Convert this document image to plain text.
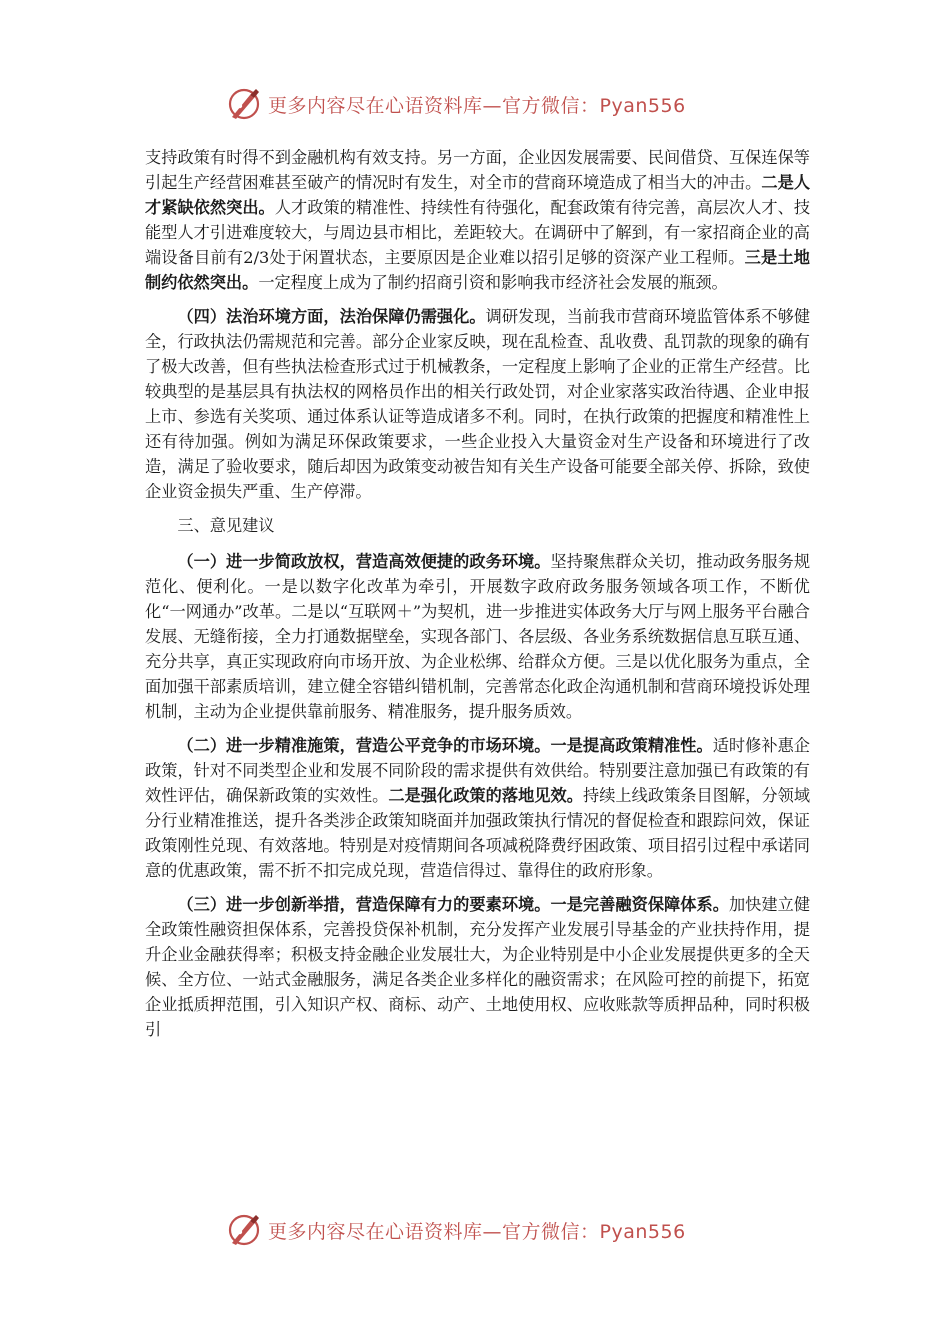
更多内容尽在心语资料库—官方微信：Pyan556

支持政策有时得不到金融机构有效支持。另一方面，企业因发展需要、民间借贷、互保连保等引起生产经营困难甚至破产的情况时有发生，对全市的营商环境造成了相当大的冲击。二是人才紧缺依然突出。人才政策的精准性、持续性有待强化，配套政策有待完善，高层次人才、技能型人才引进难度较大，与周边县市相比，差距较大。在调研中了解到，有一家招商企业的高端设备目前有2/3处于闲置状态，主要原因是企业难以招引足够的资深产业工程师。三是土地制约依然突出。一定程度上成为了制约招商引资和影响我市经济社会发展的瓶颈。

（四）法治环境方面，法治保障仍需强化。调研发现，当前我市营商环境监管体系不够健全，行政执法仍需规范和完善。部分企业家反映，现在乱检查、乱收费、乱罚款的现象的确有了极大改善，但有些执法检查形式过于机械教条，一定程度上影响了企业的正常生产经营。比较典型的是基层具有执法权的网格员作出的相关行政处罚，对企业家落实政治待遇、企业申报上市、参选有关奖项、通过体系认证等造成诸多不利。同时，在执行政策的把握度和精准性上还有待加强。例如为满足环保政策要求，一些企业投入大量资金对生产设备和环境进行了改造，满足了验收要求，随后却因为政策变动被告知有关生产设备可能要全部关停、拆除，致使企业资金损失严重、生产停滞。

三、意见建议

（一）进一步简政放权，营造高效便捷的政务环境。坚持聚焦群众关切，推动政务服务规范化、便利化。一是以数字化改革为牵引，开展数字政府政务服务领域各项工作，不断优化“一网通办”改革。二是以“互联网＋”为契机，进一步推进实体政务大厅与网上服务平台融合发展、无缝衔接，全力打通数据壁垒，实现各部门、各层级、各业务系统数据信息互联互通、充分共享，真正实现政府向市场开放、为企业松绑、给群众方便。三是以优化服务为重点，全面加强干部素质培训，建立健全容错纠错机制，完善常态化政企沟通机制和营商环境投诉处理机制，主动为企业提供靠前服务、精准服务，提升服务质效。

（二）进一步精准施策，营造公平竞争的市场环境。一是提高政策精准性。适时修补惠企政策，针对不同类型企业和发展不同阶段的需求提供有效供给。特别要注意加强已有政策的有效性评估，确保新政策的实效性。二是强化政策的落地见效。持续上线政策条目图解，分领域分行业精准推送，提升各类涉企政策知晓面并加强政策执行情况的督促检查和跟踪问效，保证政策刚性兑现、有效落地。特别是对疫情期间各项减税降费纾困政策、项目招引过程中承诺同意的优惠政策，需不折不扣完成兑现，营造信得过、靠得住的政府形象。

（三）进一步创新举措，营造保障有力的要素环境。一是完善融资保障体系。加快建立健全政策性融资担保体系，完善投贷保补机制，充分发挥产业发展引导基金的产业扶持作用，提升企业金融获得率；积极支持金融企业发展壮大，为企业特别是中小企业发展提供更多的全天候、全方位、一站式金融服务，满足各类企业多样化的融资需求；在风险可控的前提下，拓宽企业抵质押范围，引入知识产权、商标、动产、土地使用权、应收账款等质押品种，同时积极引

更多内容尽在心语资料库—官方微信：Pyan556
